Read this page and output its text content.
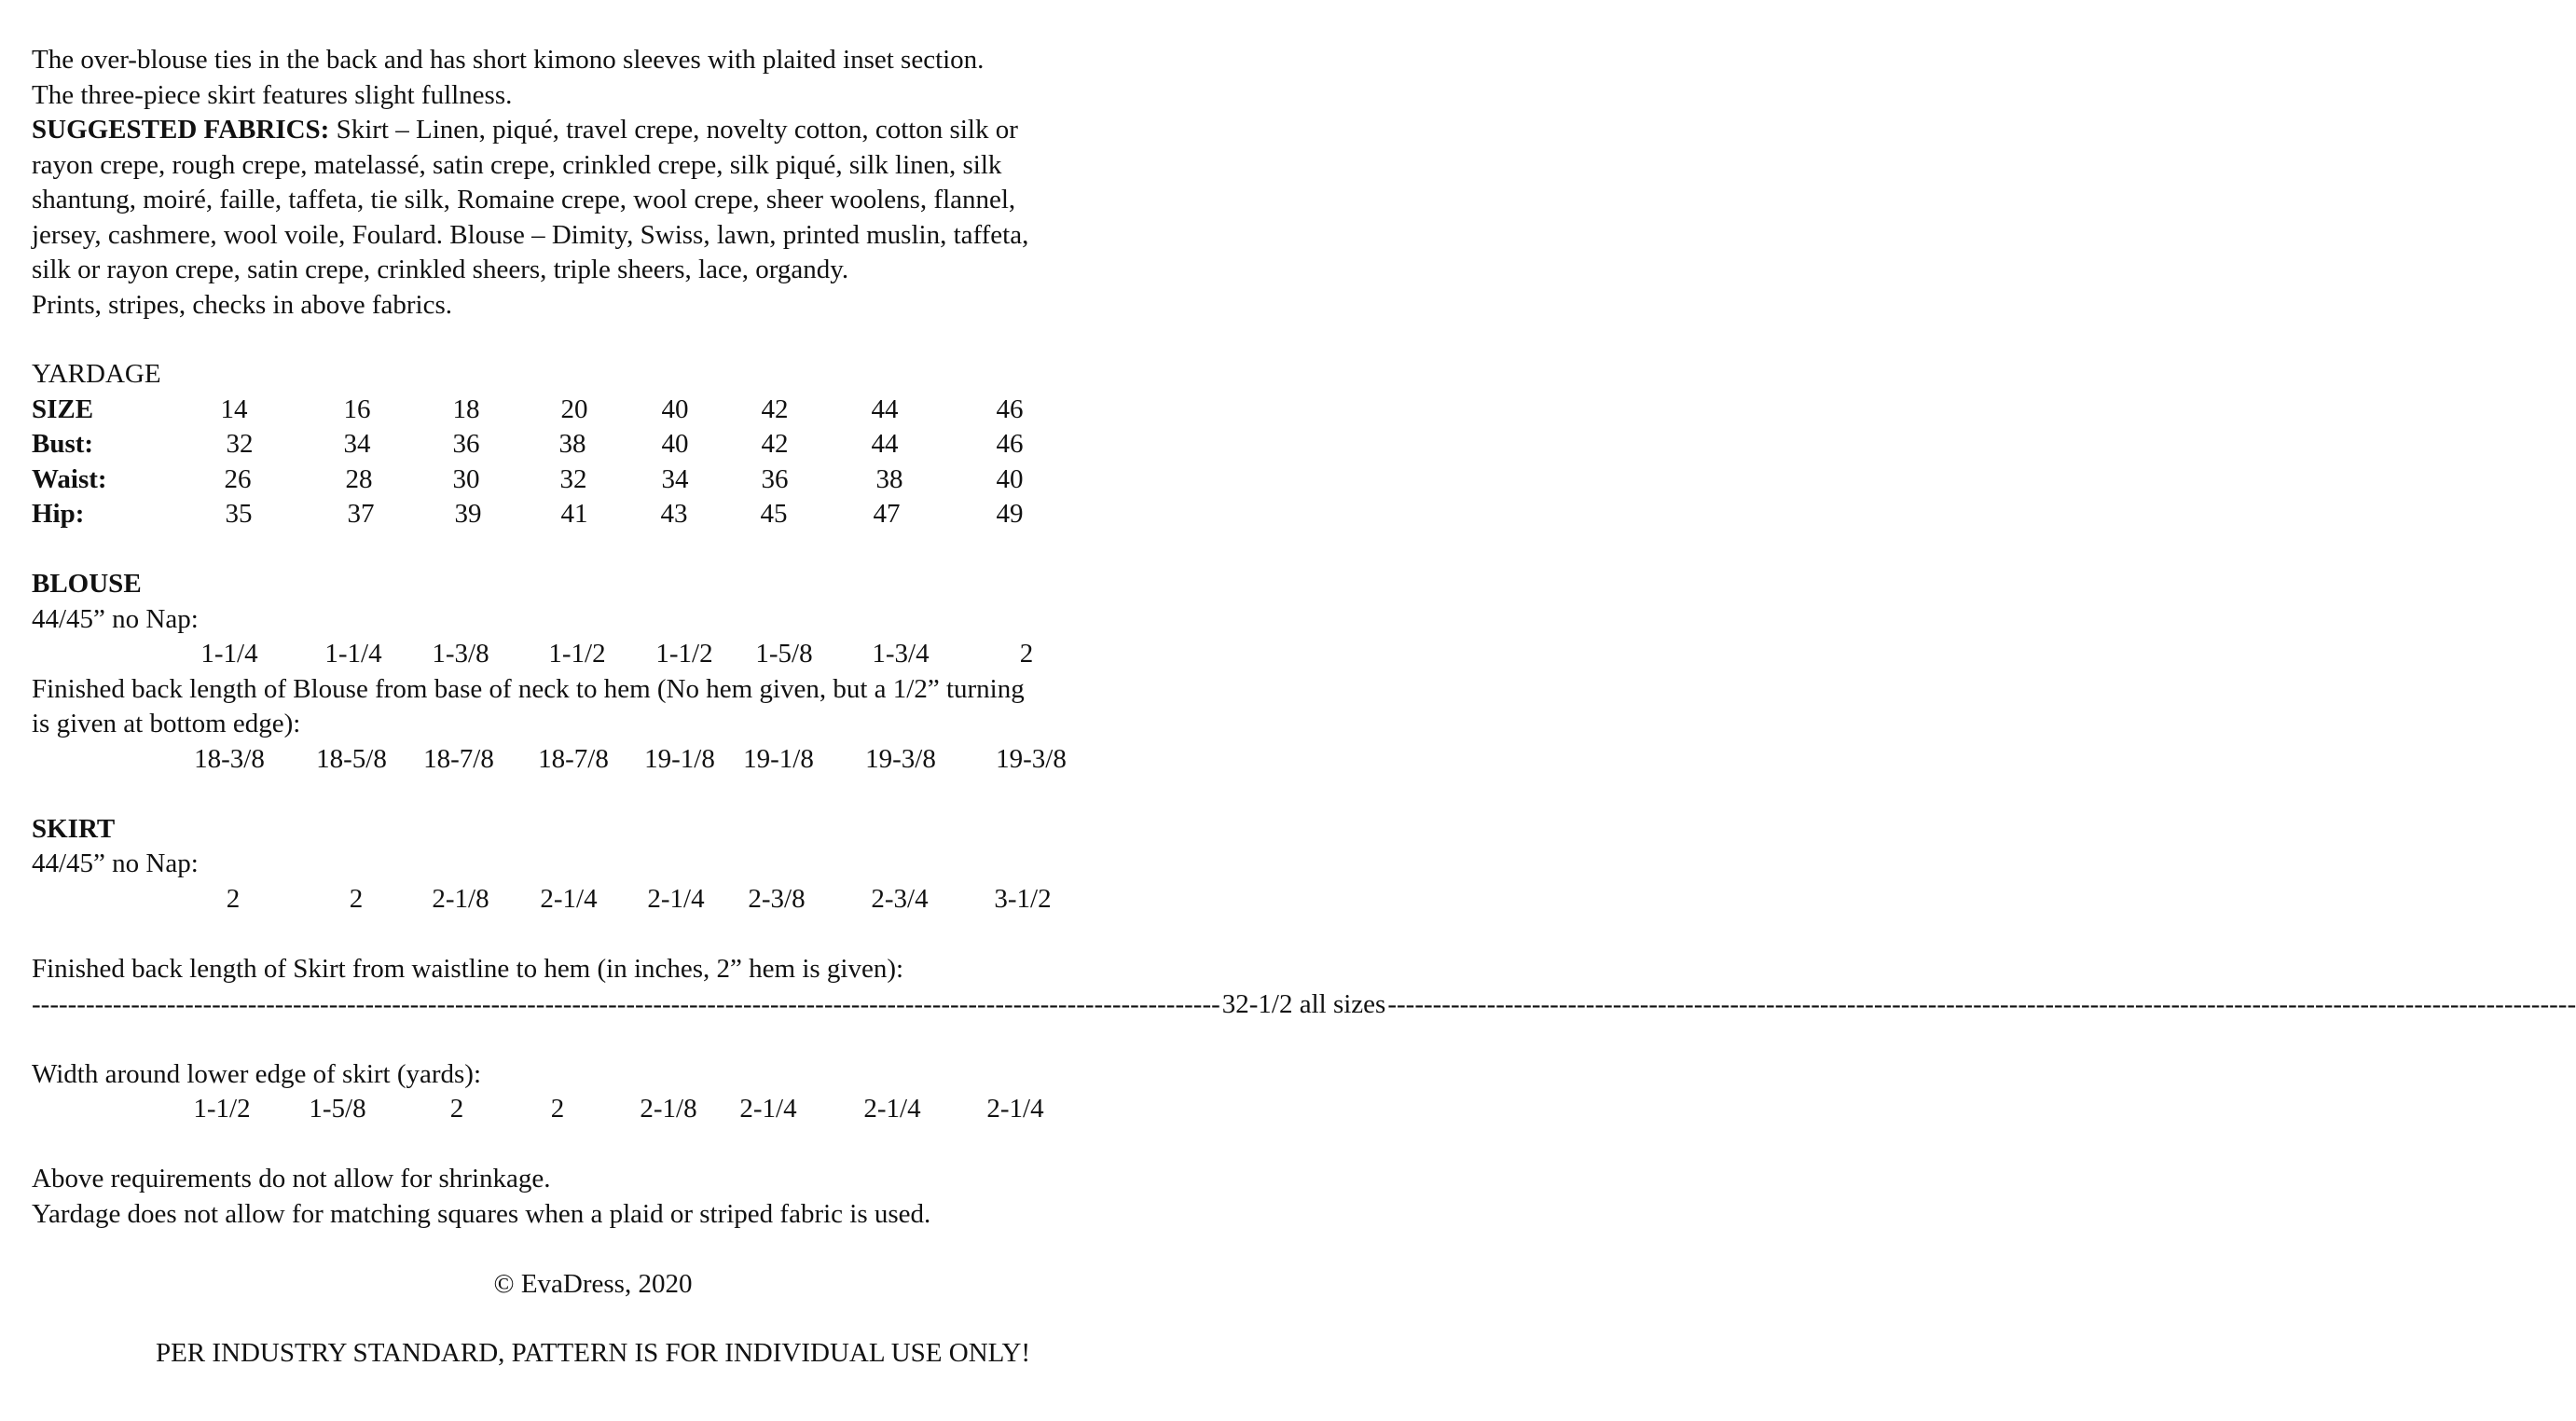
The over-blouse ties in the back and has short kimono sleeves with plaited inset section.
The three-piece skirt features slight fullness.
SUGGESTED FABRICS: Skirt – Linen, piqué, travel crepe, novelty cotton, cotton silk or
rayon crepe, rough crepe, matelassé, satin crepe, crinkled crepe, silk piqué, silk linen, silk
shantung, moiré, faille, taffeta, tie silk, Romaine crepe, wool crepe, sheer woolens, flannel,
jersey, cashmere, wool voile, Foulard. Blouse – Dimity, Swiss, lawn, printed muslin, taffeta,
silk or rayon crepe, satin crepe, crinkled sheers, triple sheers, lace, organdy.
Prints, stripes, checks in above fabrics.
YARDAGE
SIZE	14	16	18	20	40	42	44	46
Bust:	32	34	36	38	40	42	44	46
Waist:	26	28	30	32	34	36	38	40
Hip:	35	37	39	41	43	45	47	49
BLOUSE
44/45” no Nap:
1-1/4 1-1/4 1-3/8 1-1/2 1-1/2 1-5/8 1-3/4	2
Finished back length of Blouse from base of neck to hem (No hem given, but a 1/2” turning
is given at bottom edge):
18-3/8 18-5/8 18-7/8 18-7/8 19-1/8 19-1/8 19-3/8 19-3/8
SKIRT
44/45” no Nap:
2	2	2-1/8 2-1/4 2-1/4 2-3/8 2-3/4 3-1/2
Finished back length of Skirt from waistline to hem (in inches, 2” hem is given):
------------------------------------------------------------------------------------------------------------------------------------ 32-1/2 all sizes ------------------------------------------------------------------------------------------------------------------------------------
Width around lower edge of skirt (yards):
1-1/2 1-5/8	2	2	2-1/8 2-1/4 2-1/4 2-1/4
Above requirements do not allow for shrinkage.
Yardage does not allow for matching squares when a plaid or striped fabric is used.
© EvaDress, 2020
PER INDUSTRY STANDARD, PATTERN IS FOR INDIVIDUAL USE ONLY!
